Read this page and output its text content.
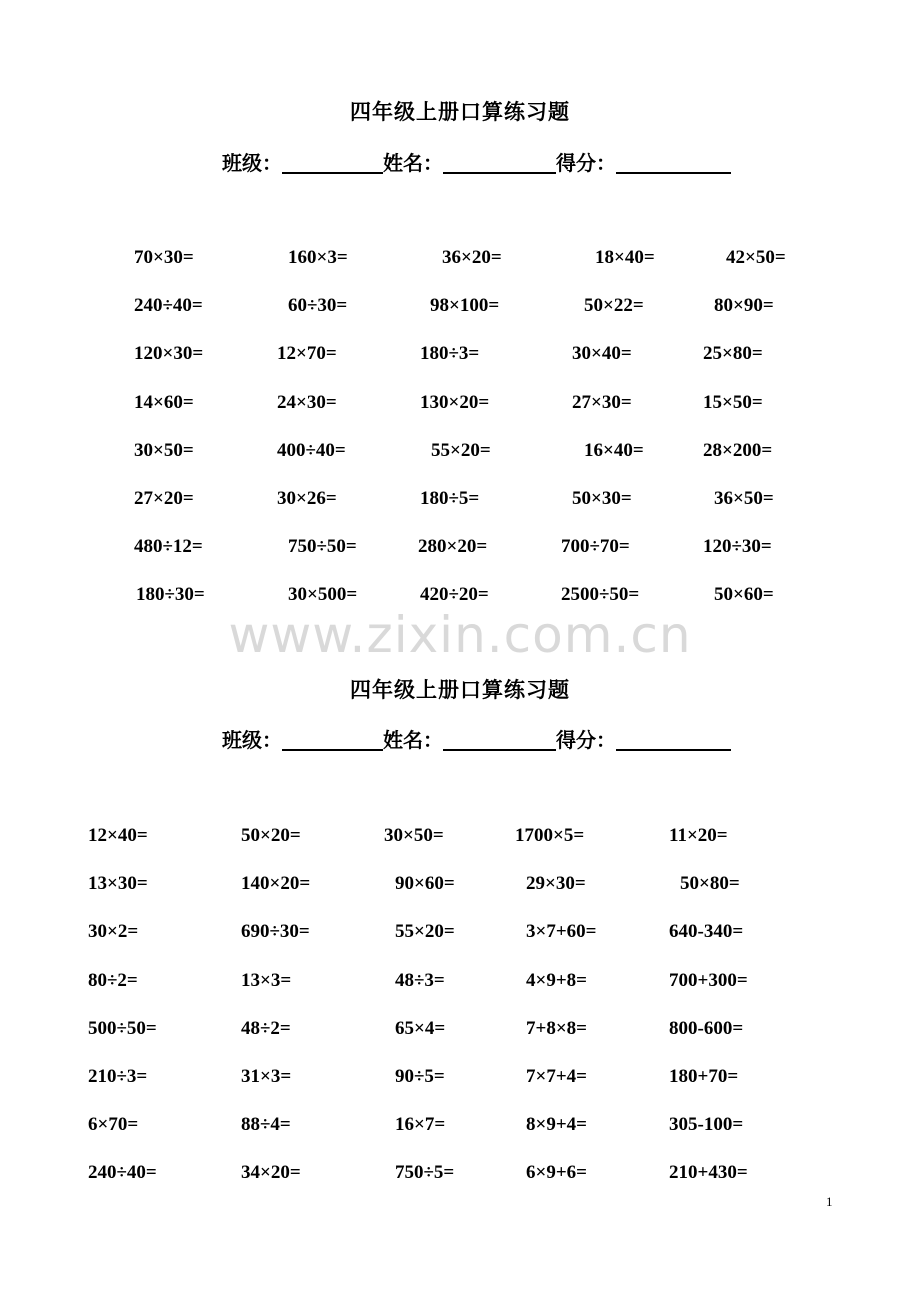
四年级上册口算练习题
班级：	姓名：	得分：
70×30=	160×3=	36×20=	18×40=	42×50=
240÷40=	60÷30=	98×100=	50×22=	80×90=
120×30=	12×70=	180÷3=	30×40=	25×80=
14×60=	24×30=	130×20=	27×30=	15×50=
30×50=	400÷40=	55×20=	16×40=	28×200=
27×20=	30×26=	180÷5=	50×30=	36×50=
480÷12=	750÷50=	280×20=	700÷70=	120÷30=
180÷30=	30×500=	420÷20=	2500÷50=	50×60=
www.zixin.com.cn
四年级上册口算练习题
班级：	姓名：	得分：
12×40=	50×20=	30×50=	1700×5=	11×20=
13×30=	140×20=	90×60=	29×30=	50×80=
30×2=	690÷30=	55×20=	3×7+60=	640-340=
80÷2=	13×3=	48÷3=	4×9+8=	700+300=
500÷50=	48÷2=	65×4=	7+8×8=	800-600=
210÷3=	31×3=	90÷5=	7×7+4=	180+70=
6×70=	88÷4=	16×7=	8×9+4=	305-100=
240÷40=	34×20=	750÷5=	6×9+6=	210+430=
1
